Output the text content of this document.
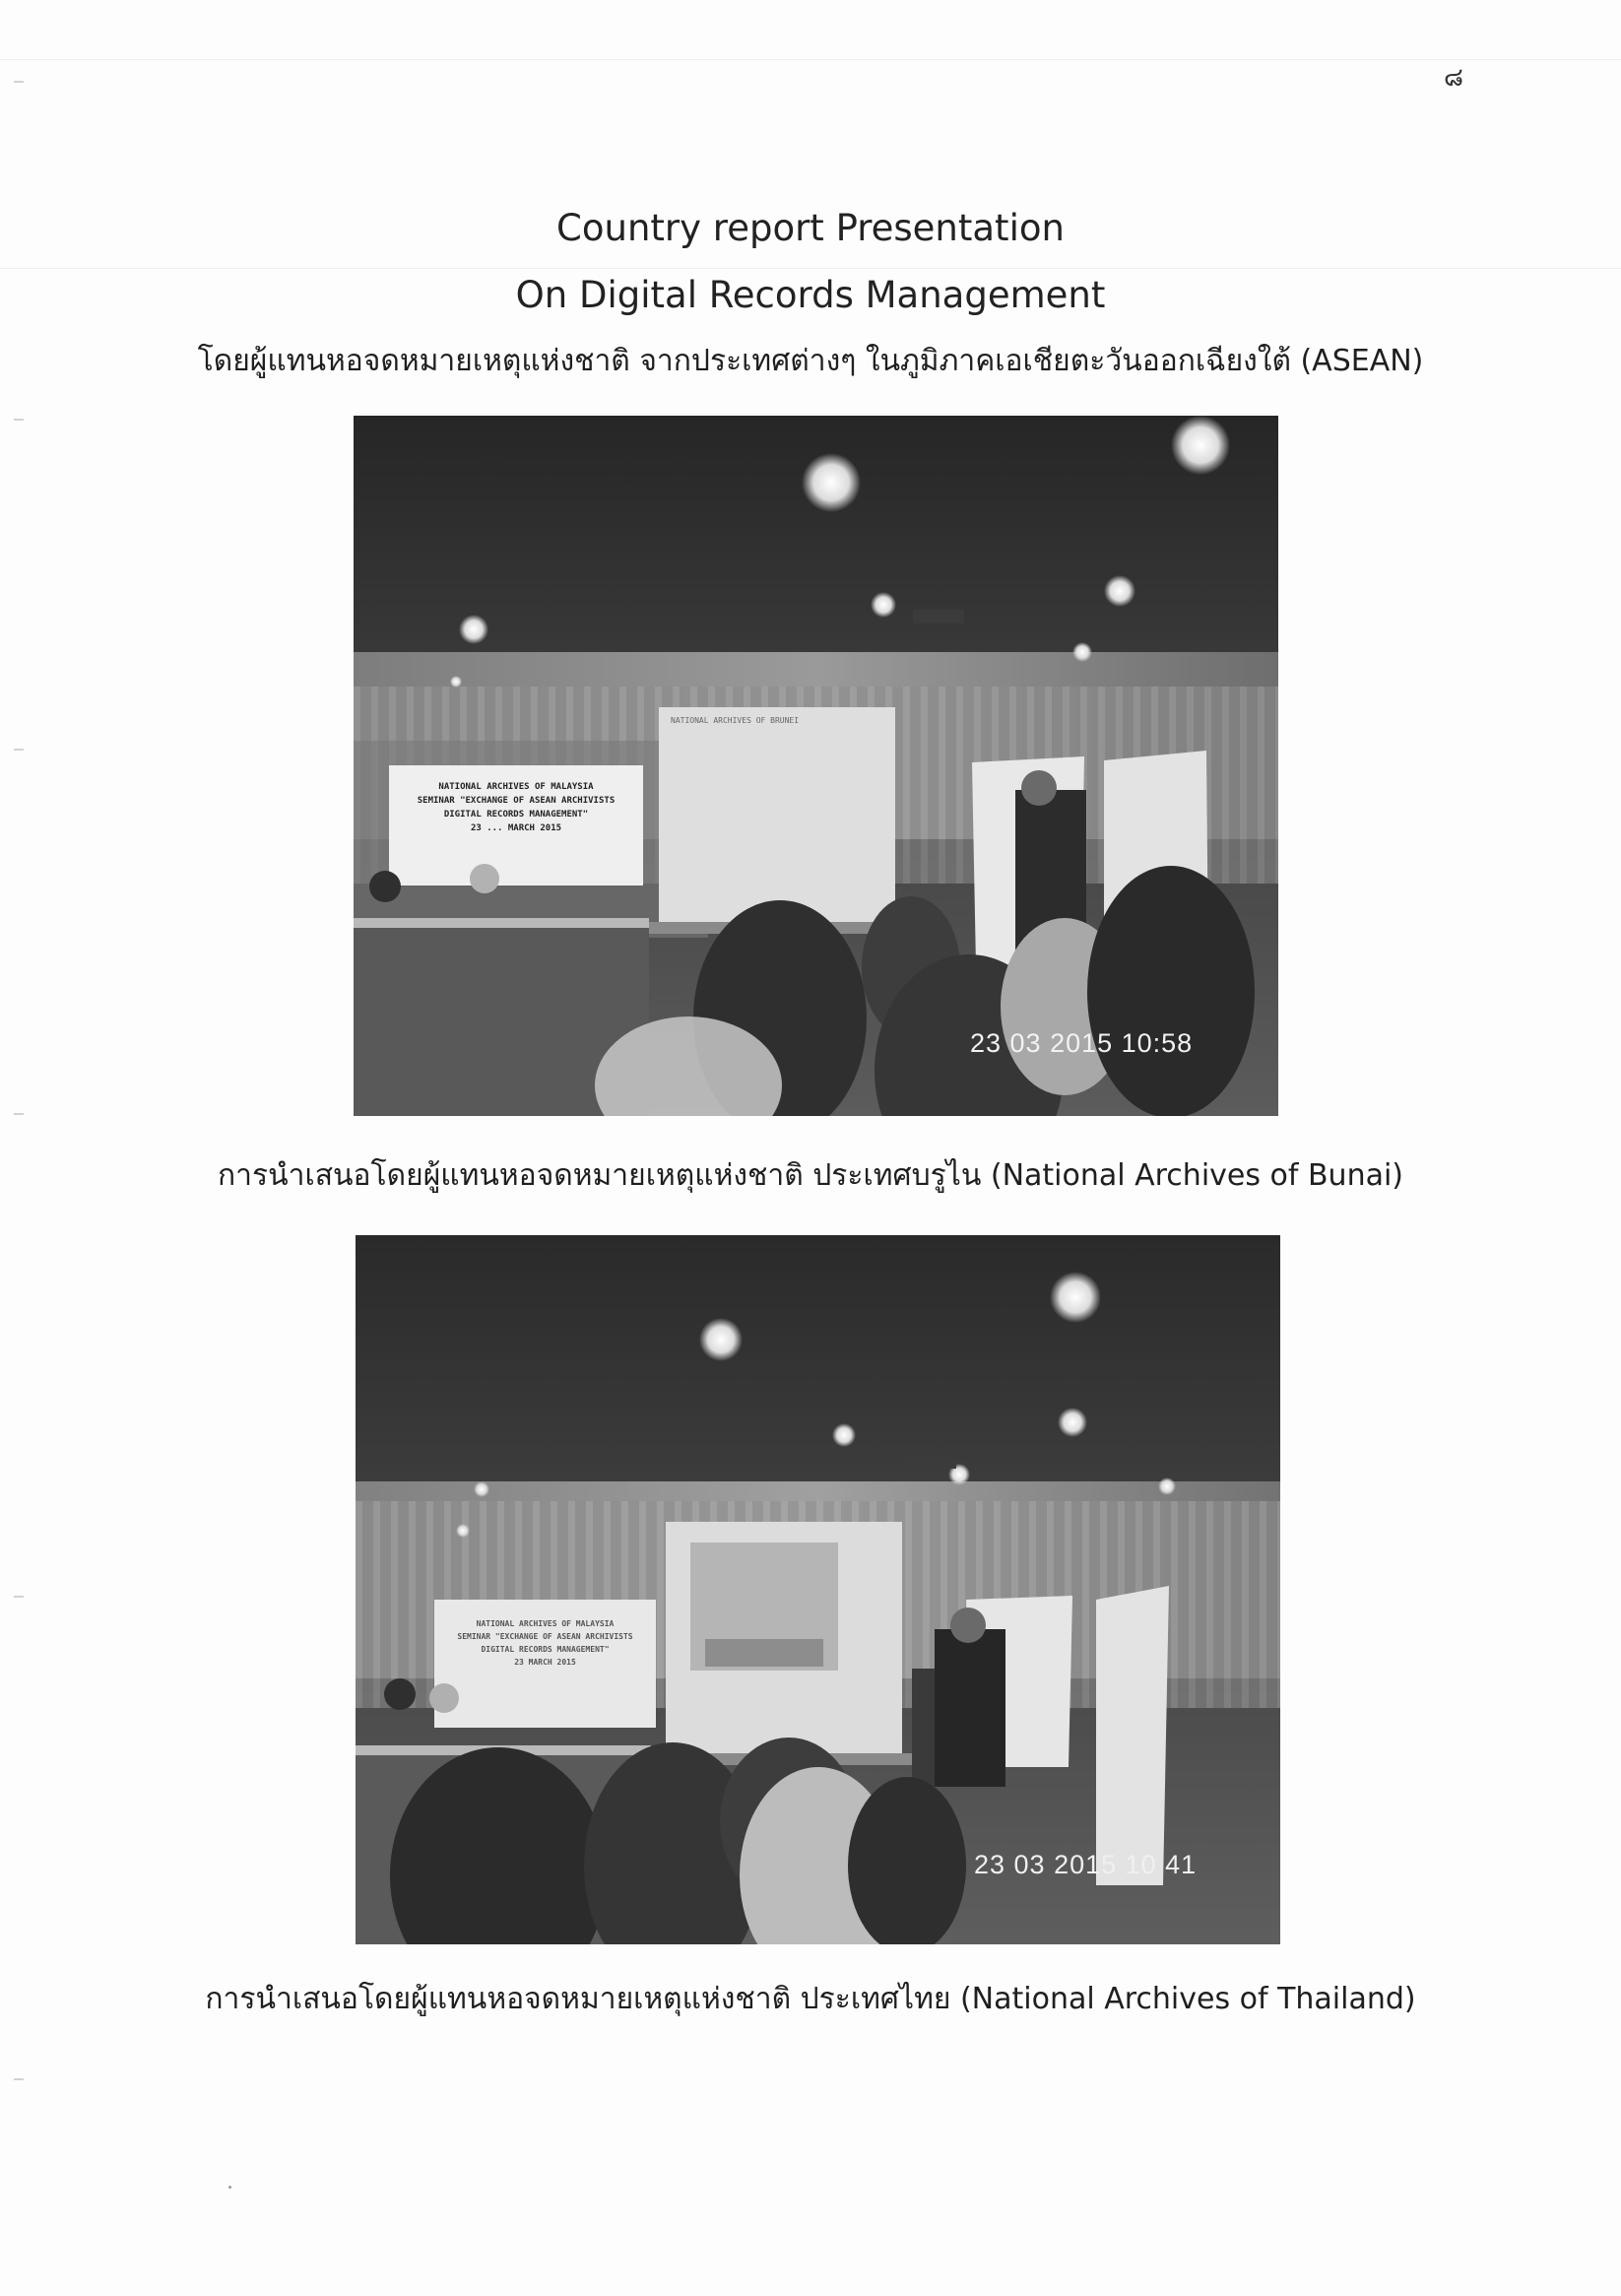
๘
Country report Presentation
On Digital Records Management
โดยผู้แทนหอจดหมายเหตุแห่งชาติ จากประเทศต่างๆ ในภูมิภาคเอเชียตะวันออกเฉียงใต้ (ASEAN)
NATIONAL ARCHIVES OF MALAYSIA
SEMINAR "EXCHANGE OF ASEAN ARCHIVISTS
DIGITAL RECORDS MANAGEMENT"
23 ... MARCH 2015
NATIONAL ARCHIVES OF BRUNEI
23 03 2015 10:58
การนำเสนอโดยผู้แทนหอจดหมายเหตุแห่งชาติ ประเทศบรูไน (National Archives of Bunai)
NATIONAL ARCHIVES OF MALAYSIA
SEMINAR "EXCHANGE OF ASEAN ARCHIVISTS
DIGITAL RECORDS MANAGEMENT"
23 MARCH 2015
23 03 2015 10 41
การนำเสนอโดยผู้แทนหอจดหมายเหตุแห่งชาติ ประเทศไทย (National Archives of Thailand)
